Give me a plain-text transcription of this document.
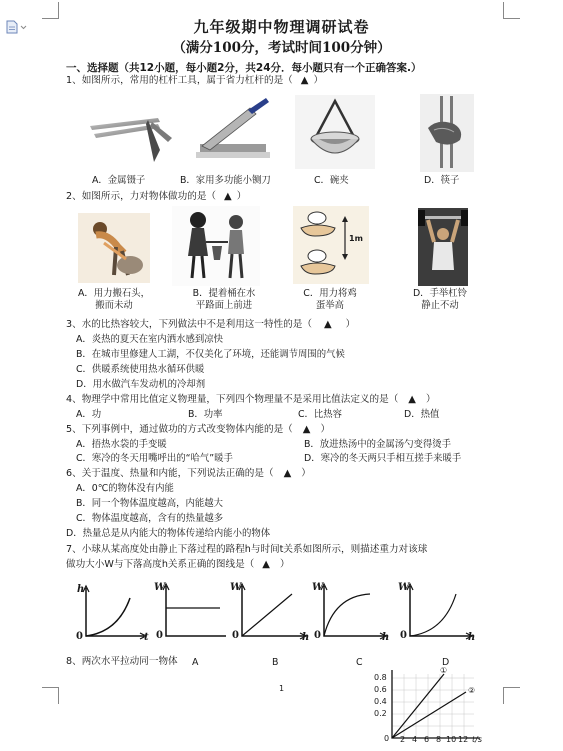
九年级期中物理调研试卷
（满分100分，考试时间100分钟）
一、选择题（共12小题，每小题2分，共24分．每小题只有一个正确答案.）
1、如图所示，常用的杠杆工具，属于省力杠杆的是（ ▲ ）
A．金属镊子	B．家用多功能小铡刀	C．碗夹	D．筷子
2、如图所示，力对物体做功的是（ ▲ ）
1m
A．用力搬石头，
搬而未动
B．提着桶在水
平路面上前进
C．用力将鸡
蛋举高
D．手举杠铃
静止不动
3、水的比热容较大，下列做法中不是利用这一特性的是（ ▲ ）
A．炎热的夏天在室内洒水感到凉快
B．在城市里修建人工湖，不仅美化了环境，还能调节周围的气候
C．供暖系统使用热水循环供暖
D．用水做汽车发动机的冷却剂
4、物理学中常用比值定义物理量，下列四个物理量不是采用比值法定义的是（ ▲ ）
A．功	B．功率	C．比热容	D．热值
5、下列事例中，通过做功的方式改变物体内能的是（ ▲ ）
A．捂热水袋的手变暖	B．放进热汤中的金属汤勺变得烫手
C．寒冷的冬天用嘴呼出的“哈气”暖手	D．寒冷的冬天两只手相互搓手来暖手
6、关于温度、热量和内能，下列说法正确的是（ ▲ ）
A．0℃的物体没有内能
B．同一个物体温度越高，内能越大
C．物体温度越高，含有的热量越多
D．热量总是从内能大的物体传递给内能小的物体
7、小球从某高度处由静止下落过程的路程h与时间t关系如图所示，则描述重力对该球
做功大小W与下落高度h关系正确的图线是（ ▲ ）
h
t
0
W
0
W
h
0
W
h
0
W
h
0
A	B	C	D
8、两次水平拉动同一物体
0.8
0.6
0.4
0.2
0
①
②
2 4 6 8 10 12 t/s
1
